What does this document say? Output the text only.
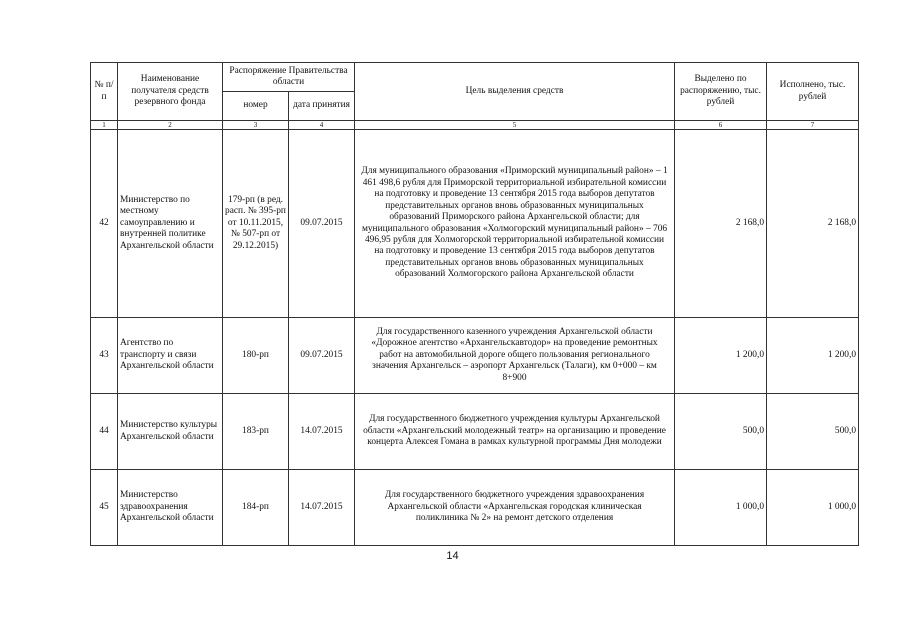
№ п/п	Наименование получателя средств резервного фонда	Распоряжение Правительства области		Цель выделения средств	Выделено по распоряжению, тыс. рублей	Исполнено, тыс. рублей
		номер	дата принятия			
1	2	3	4	5	6	7
42	Министерство по местному самоуправлению и внутренней политике Архангельской области	179-рп (в ред. расп. № 395-рп от 10.11.2015, № 507-рп от 29.12.2015)	09.07.2015	Для муниципального образования «Приморский муниципальный район» – 1 461 498,6 рубля для Приморской территориальной избирательной комиссии на подготовку и проведение 13 сентября 2015 года выборов депутатов представительных органов вновь образованных муниципальных образований Приморского района Архангельской области; для муниципального образования «Холмогорский муниципальный район» – 706 496,95 рубля для Холмогорской территориальной избирательной комиссии на подготовку и проведение 13 сентября 2015 года выборов депутатов представительных органов вновь образованных муниципальных образований Холмогорского района Архангельской области	2 168,0	2 168,0
43	Агентство по транспорту и связи Архангельской области	180-рп	09.07.2015	Для государственного казенного учреждения Архангельской области «Дорожное агентство «Архангельскавтодор» на проведение ремонтных работ на автомобильной дороге общего пользования регионального значения Архангельск – аэропорт Архангельск (Талаги), км 0+000 – км 8+900	1 200,0	1 200,0
44	Министерство культуры Архангельской области	183-рп	14.07.2015	Для государственного бюджетного учреждения культуры Архангельской области «Архангельский молодежный театр» на организацию и проведение концерта Алексея Гомана в рамках культурной программы Дня молодежи	500,0	500,0
45	Министерство здравоохранения Архангельской области	184-рп	14.07.2015	Для государственного бюджетного учреждения здравоохранения Архангельской области «Архангельская городская клиническая поликлиника № 2» на ремонт детского отделения	1 000,0	1 000,0
14
